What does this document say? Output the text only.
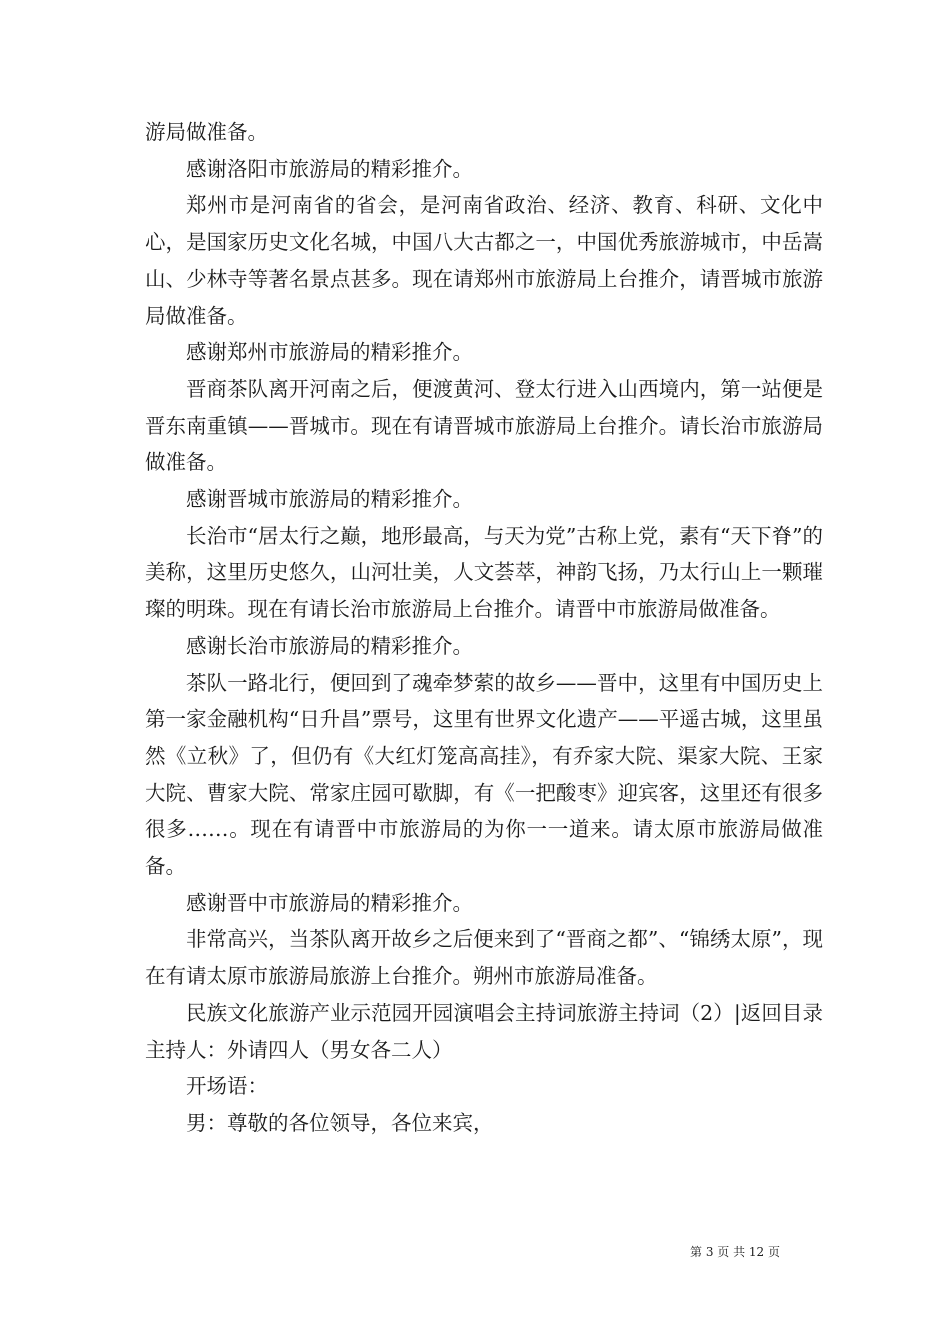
游局做准备。

感谢洛阳市旅游局的精彩推介。

郑州市是河南省的省会，是河南省政治、经济、教育、科研、文化中心，是国家历史文化名城，中国八大古都之一，中国优秀旅游城市，中岳嵩山、少林寺等著名景点甚多。现在请郑州市旅游局上台推介，请晋城市旅游局做准备。

感谢郑州市旅游局的精彩推介。

晋商茶队离开河南之后，便渡黄河、登太行进入山西境内，第一站便是晋东南重镇——晋城市。现在有请晋城市旅游局上台推介。请长治市旅游局做准备。

感谢晋城市旅游局的精彩推介。

长治市“居太行之巅，地形最高，与天为党”古称上党，素有“天下脊”的美称，这里历史悠久，山河壮美，人文荟萃，神韵飞扬，乃太行山上一颗璀璨的明珠。现在有请长治市旅游局上台推介。请晋中市旅游局做准备。

感谢长治市旅游局的精彩推介。

茶队一路北行，便回到了魂牵梦萦的故乡——晋中，这里有中国历史上第一家金融机构“日升昌”票号，这里有世界文化遗产——平遥古城，这里虽然《立秋》了，但仍有《大红灯笼高高挂》，有乔家大院、渠家大院、王家大院、曹家大院、常家庄园可歇脚，有《一把酸枣》迎宾客，这里还有很多很多……。现在有请晋中市旅游局的为你一一道来。请太原市旅游局做准备。

感谢晋中市旅游局的精彩推介。

非常高兴，当茶队离开故乡之后便来到了“晋商之都”、“锦绣太原”，现在有请太原市旅游局旅游上台推介。朔州市旅游局准备。

民族文化旅游产业示范园开园演唱会主持词旅游主持词（2）|返回目录主持人：外请四人（男女各二人）

开场语：

男：尊敬的各位领导，各位来宾，

第 3 页 共 12 页
